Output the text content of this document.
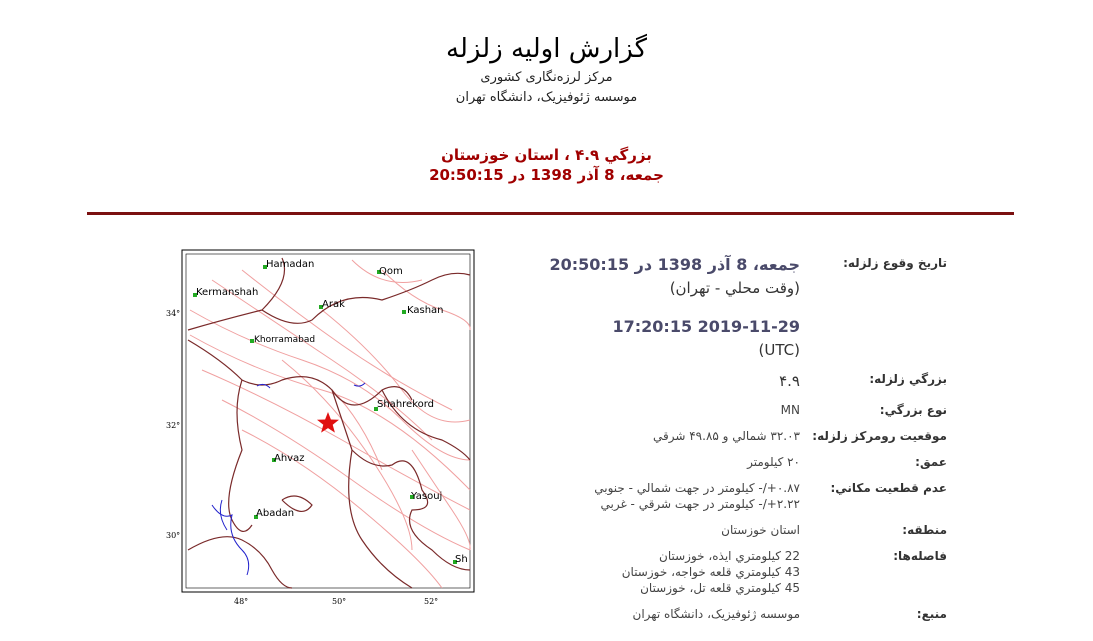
گزارش اولیه زلزله
مرکز لرزه‌نگاری کشوری
موسسه ژئوفیزیک، دانشگاه تهران
بزرگي ۴.۹ ، استان خوزستان
جمعه، 8 آذر 1398 در 20:50:15
34°
32°
30°
48°	50°	52°
Hamadan
Qom
Kermanshah
Arak
Kashan
Khorramabad
Shahrekord
Ahvaz
Yasouj
Abadan
Sh
تاريخ وقوع زلزله:
جمعه، 8 آذر 1398 در 20:50:15
(وقت محلي - تهران)
2019-11-29 17:20:15
(UTC)
بزرگي زلزله:
۴.۹
نوع بزرگي:
MN
موقعيت رومرکز زلزله:
۳۲.۰۳ شمالي و ۴۹.۸۵ شرقي
عمق:
۲۰ کيلومتر
عدم قطعيت مکاني:
۰.۸۷+/- کيلومتر در جهت شمالي - جنوبي
۲.۲۲+/- کيلومتر در جهت شرقي - غربي
منطقه:
استان خوزستان
فاصله‌ها:
22 کيلومتري ايذه، خوزستان
43 کيلومتري قلعه خواجه، خوزستان
45 کيلومتري قلعه تل، خوزستان
منبع:
موسسه ژئوفيزيک، دانشگاه تهران
